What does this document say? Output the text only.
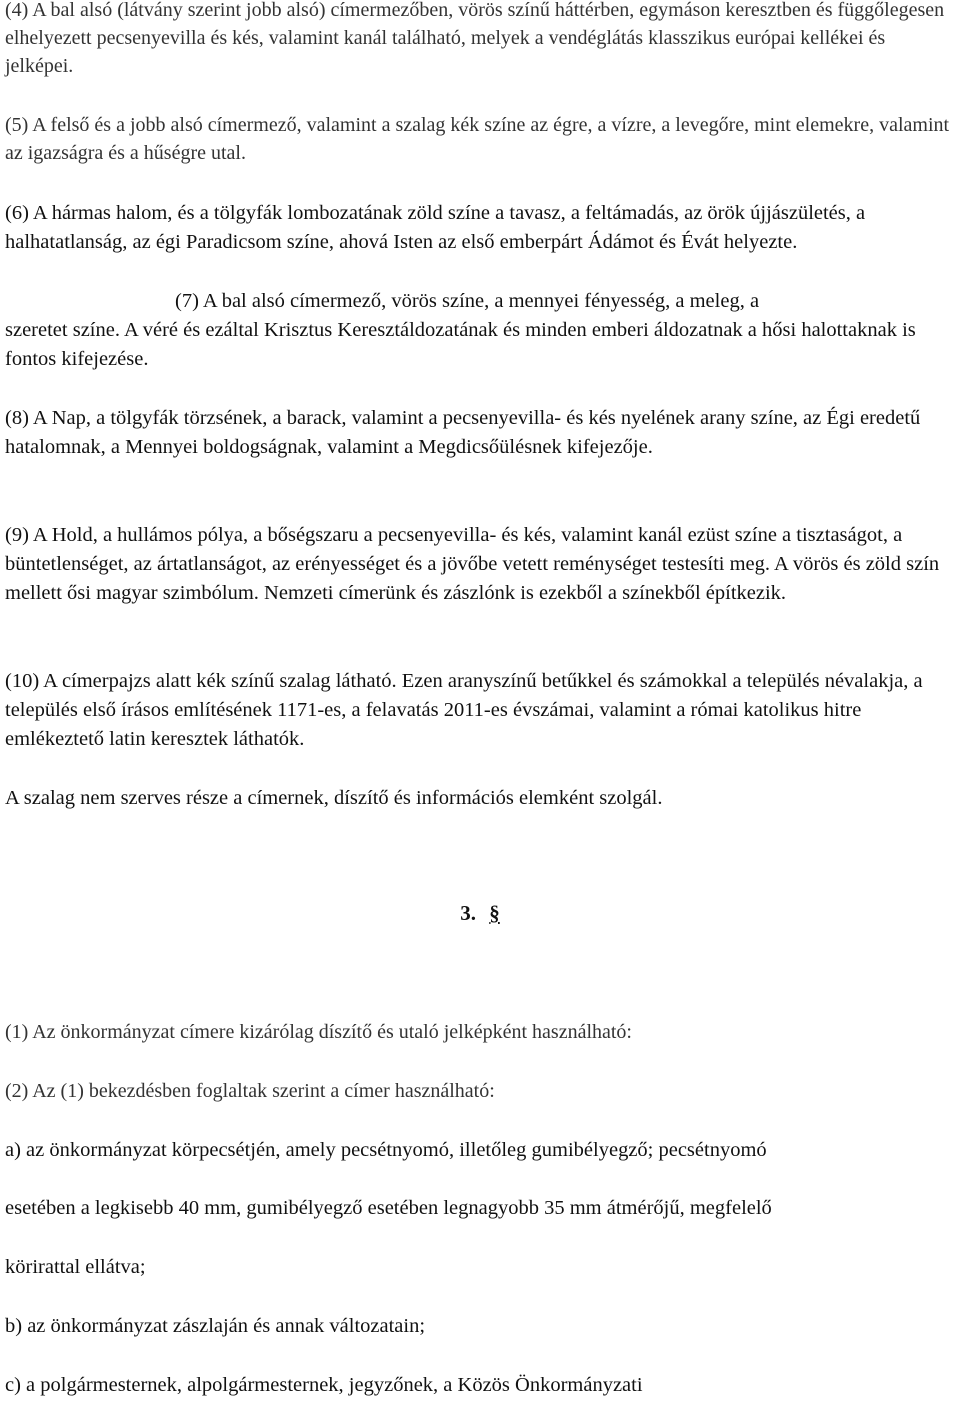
(4) A bal alsó (látvány szerint jobb alsó) címermezőben, vörös színű háttérben, egymáson keresztben és függőlegesen elhelyezett pecsenyevilla és kés, valamint kanál található, melyek a vendéglátás klasszikus európai kellékei és jelképei.

(5) A felső és a jobb alsó címermező, valamint a szalag kék színe az égre, a vízre, a levegőre, mint elemekre, valamint az igazságra és a hűségre utal.

(6) A hármas halom, és a tölgyfák lombozatának zöld színe a tavasz, a feltámadás, az örök újjászületés, a halhatatlanság, az égi Paradicsom színe, ahová Isten az első emberpárt Ádámot és Évát helyezte.

(7) A bal alsó címermező, vörös színe, a mennyei fényesség, a meleg, a

szeretet színe. A véré és ezáltal Krisztus Keresztáldozatának és minden emberi áldozatnak a hősi halottaknak is fontos kifejezése.

(8) A Nap, a tölgyfák törzsének, a barack, valamint a pecsenyevilla- és kés nyelének arany színe, az Égi eredetű hatalomnak, a Mennyei boldogságnak, valamint a Megdicsőülésnek kifejezője.

(9) A Hold, a hullámos pólya, a bőségszaru a pecsenyevilla- és kés, valamint kanál ezüst színe a tisztaságot, a büntetlenséget, az ártatlanságot, az erényességet és a jövőbe vetett reménységet testesíti meg. A vörös és zöld szín mellett ősi magyar szimbólum. Nemzeti címerünk és zászlónk is ezekből a színekből építkezik.

(10) A címerpajzs alatt kék színű szalag látható. Ezen aranyszínű betűkkel és számokkal a település névalakja, a település első írásos említésének 1171-es, a felavatás 2011-es évszámai, valamint a római katolikus hitre emlékeztető latin keresztek láthatók.

A szalag nem szerves része a címernek, díszítő és információs elemként szolgál.

3. §

(1) Az önkormányzat címere kizárólag díszítő és utaló jelképként használható:

(2) Az (1) bekezdésben foglaltak szerint a címer használható:

a) az önkormányzat körpecsétjén, amely pecsétnyomó, illetőleg gumibélyegző; pecsétnyomó

esetében a legkisebb 40 mm, gumibélyegző esetében legnagyobb 35 mm átmérőjű, megfelelő

körirattal ellátva;

b) az önkormányzat zászlaján és annak változatain;

c) a polgármesternek, alpolgármesternek, jegyzőnek, a Közös Önkormányzati
